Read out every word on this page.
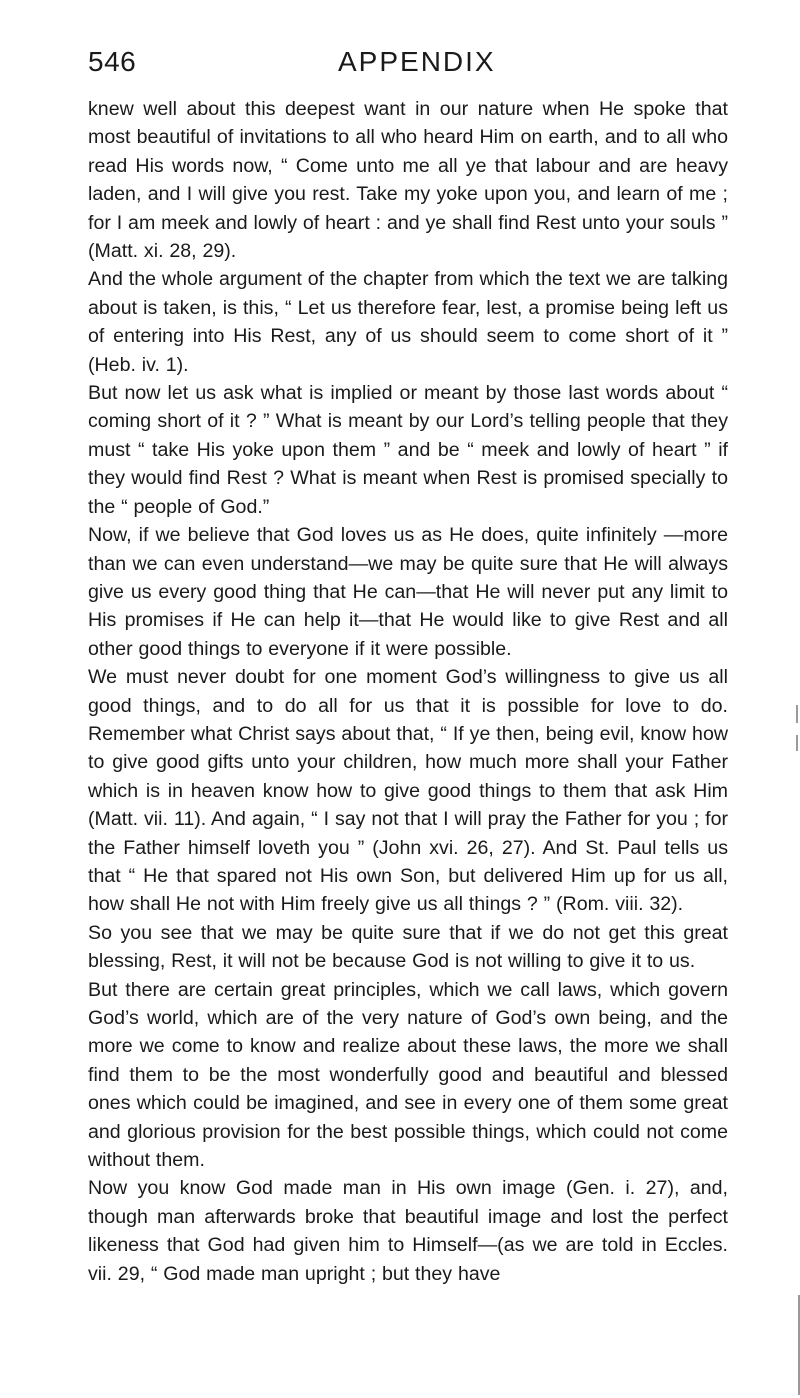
546	APPENDIX

knew well about this deepest want in our nature when He spoke that most beautiful of invitations to all who heard Him on earth, and to all who read His words now, “ Come unto me all ye that labour and are heavy laden, and I will give you rest. Take my yoke upon you, and learn of me ; for I am meek and lowly of heart : and ye shall find Rest unto your souls ” (Matt. xi. 28, 29).

And the whole argument of the chapter from which the text we are talking about is taken, is this, “ Let us therefore fear, lest, a promise being left us of entering into His Rest, any of us should seem to come short of it ” (Heb. iv. 1).

But now let us ask what is implied or meant by those last words about “ coming short of it ? ” What is meant by our Lord’s telling people that they must “ take His yoke upon them ” and be “ meek and lowly of heart ” if they would find Rest ? What is meant when Rest is promised specially to the “ people of God.”

Now, if we believe that God loves us as He does, quite infinitely —more than we can even understand—we may be quite sure that He will always give us every good thing that He can—that He will never put any limit to His promises if He can help it—that He would like to give Rest and all other good things to everyone if it were possible.

We must never doubt for one moment God’s willingness to give us all good things, and to do all for us that it is possible for love to do. Remember what Christ says about that, “ If ye then, being evil, know how to give good gifts unto your children, how much more shall your Father which is in heaven know how to give good things to them that ask Him (Matt. vii. 11). And again, “ I say not that I will pray the Father for you ; for the Father himself loveth you ” (John xvi. 26, 27). And St. Paul tells us that “ He that spared not His own Son, but delivered Him up for us all, how shall He not with Him freely give us all things ? ” (Rom. viii. 32).

So you see that we may be quite sure that if we do not get this great blessing, Rest, it will not be because God is not willing to give it to us.

But there are certain great principles, which we call laws, which govern God’s world, which are of the very nature of God’s own being, and the more we come to know and realize about these laws, the more we shall find them to be the most wonderfully good and beautiful and blessed ones which could be imagined, and see in every one of them some great and glorious provision for the best possible things, which could not come without them.

Now you know God made man in His own image (Gen. i. 27), and, though man afterwards broke that beautiful image and lost the perfect likeness that God had given him to Himself—(as we are told in Eccles. vii. 29, “ God made man upright ; but they have
